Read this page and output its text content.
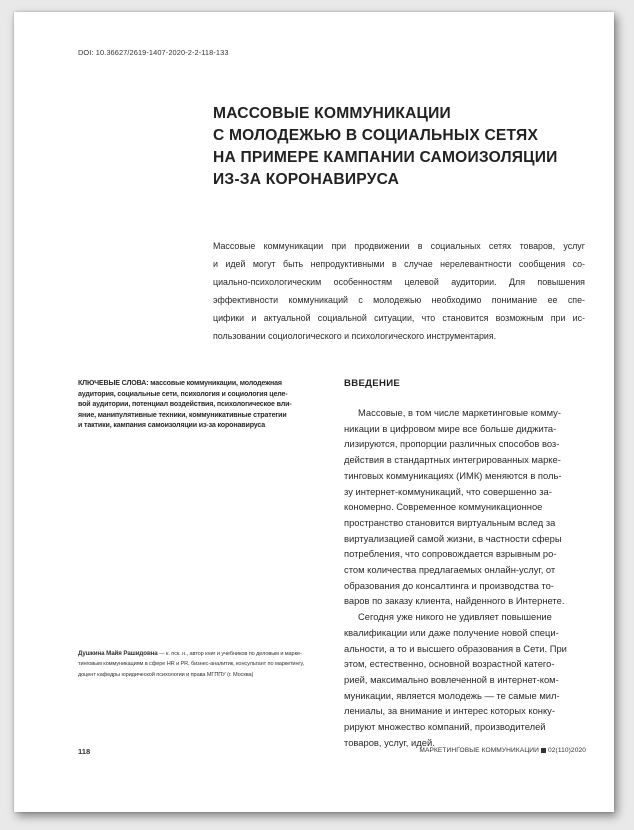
DOI: 10.36627/2619-1407-2020-2-2-118-133
МАССОВЫЕ КОММУНИКАЦИИ
С МОЛОДЕЖЬЮ В СОЦИАЛЬНЫХ СЕТЯХ
НА ПРИМЕРЕ КАМПАНИИ САМОИЗОЛЯЦИИ
ИЗ-ЗА КОРОНАВИРУСА

Массовые коммуникации при продвижении в социальных сетях товаров, услуг
и идей могут быть непродуктивными в случае нерелевантности сообщения со-
циально-психологическим особенностям целевой аудитории. Для повышения
эффективности коммуникаций с молодежью необходимо понимание ее спе-
цифики и актуальной социальной ситуации, что становится возможным при ис-
пользовании социологического и психологического инструментария.

КЛЮЧЕВЫЕ СЛОВА: массовые коммуникации, молодежная
аудитория, социальные сети, психология и социология целе-
вой аудитории, потенциал воздействия, психологическое вли-
яние, манипулятивные техники, коммуникативные стратегии
и тактики, кампания самоизоляции из-за коронавируса
Душкина Майя Рашидовна — к. пск. н., автор книг и учебников по деловым и марке-
тинговым коммуникациям в сфере HR и PR, бизнес-аналитик, консультант по маркетингу,
доцент кафедры юридической психологии и права МГППУ (г. Москва)
ВВЕДЕНИЕ
Массовые, в том числе маркетинговые комму-
никации в цифровом мире все больше диджита-
лизируются, пропорции различных способов воз-
действия в стандартных интегрированных марке-
тинговых коммуникациях (ИМК) меняются в поль-
зу интернет-коммуникаций, что совершенно за-
кономерно. Современное коммуникационное
пространство становится виртуальным вслед за
виртуализацией самой жизни, в частности сферы
потребления, что сопровождается взрывным ро-
стом количества предлагаемых онлайн-услуг, от
образования до консалтинга и производства то-
варов по заказу клиента, найденного в Интернете.
Сегодня уже никого не удивляет повышение
квалификации или даже получение новой специ-
альности, а то и высшего образования в Сети. При
этом, естественно, основной возрастной катего-
рией, максимально вовлеченной в интернет-ком-
муникации, является молодежь — те самые мил-
лениалы, за внимание и интерес которых конку-
рируют множество компаний, производителей
товаров, услуг, идей.
118	МАРКЕТИНГОВЫЕ КОММУНИКАЦИИ 02(110)2020
